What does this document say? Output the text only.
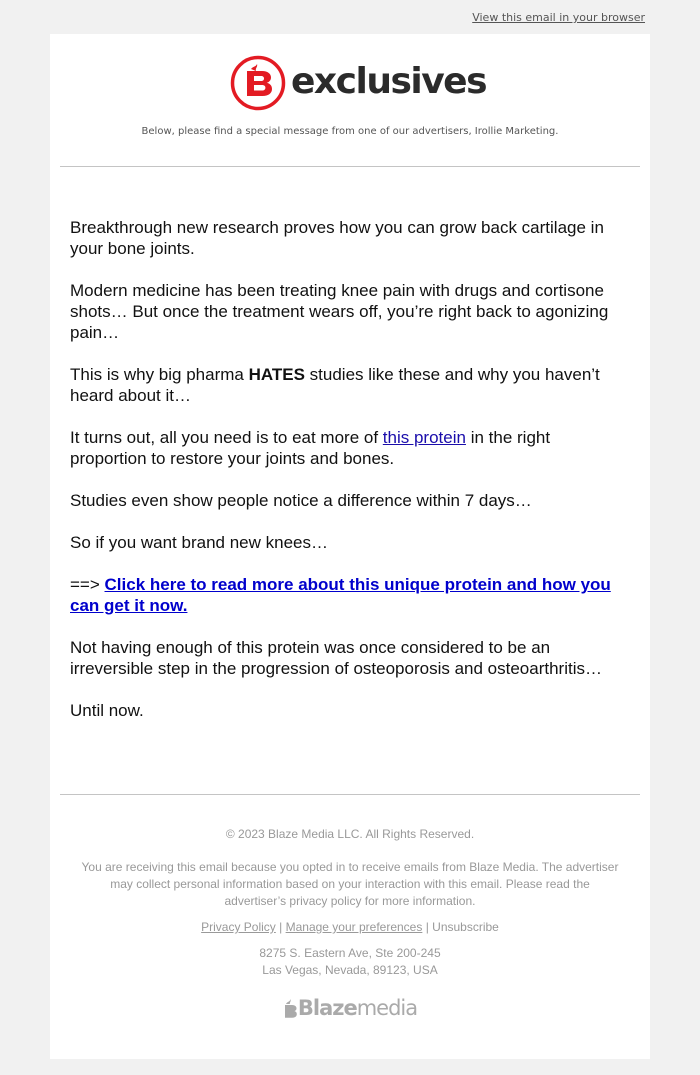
View this email in your browser
exclusives
Below, please find a special message from one of our advertisers, Irollie Marketing.

Breakthrough new research proves how you can grow back cartilage in your bone joints.

Modern medicine has been treating knee pain with drugs and cortisone shots… But once the treatment wears off, you’re right back to agonizing pain…

This is why big pharma HATES studies like these and why you haven’t heard about it…

It turns out, all you need is to eat more of this protein in the right proportion to restore your joints and bones.

Studies even show people notice a difference within 7 days…

So if you want brand new knees…

==> Click here to read more about this unique protein and how you can get it now.

Not having enough of this protein was once considered to be an irreversible step in the progression of osteoporosis and osteoarthritis…

Until now.

© 2023 Blaze Media LLC. All Rights Reserved.

You are receiving this email because you opted in to receive emails from Blaze Media. The advertiser may collect personal information based on your interaction with this email. Please read the advertiser’s privacy policy for more information.

Privacy Policy | Manage your preferences | Unsubscribe

8275 S. Eastern Ave, Ste 200-245
Las Vegas, Nevada, 89123, USA

Blaze media
